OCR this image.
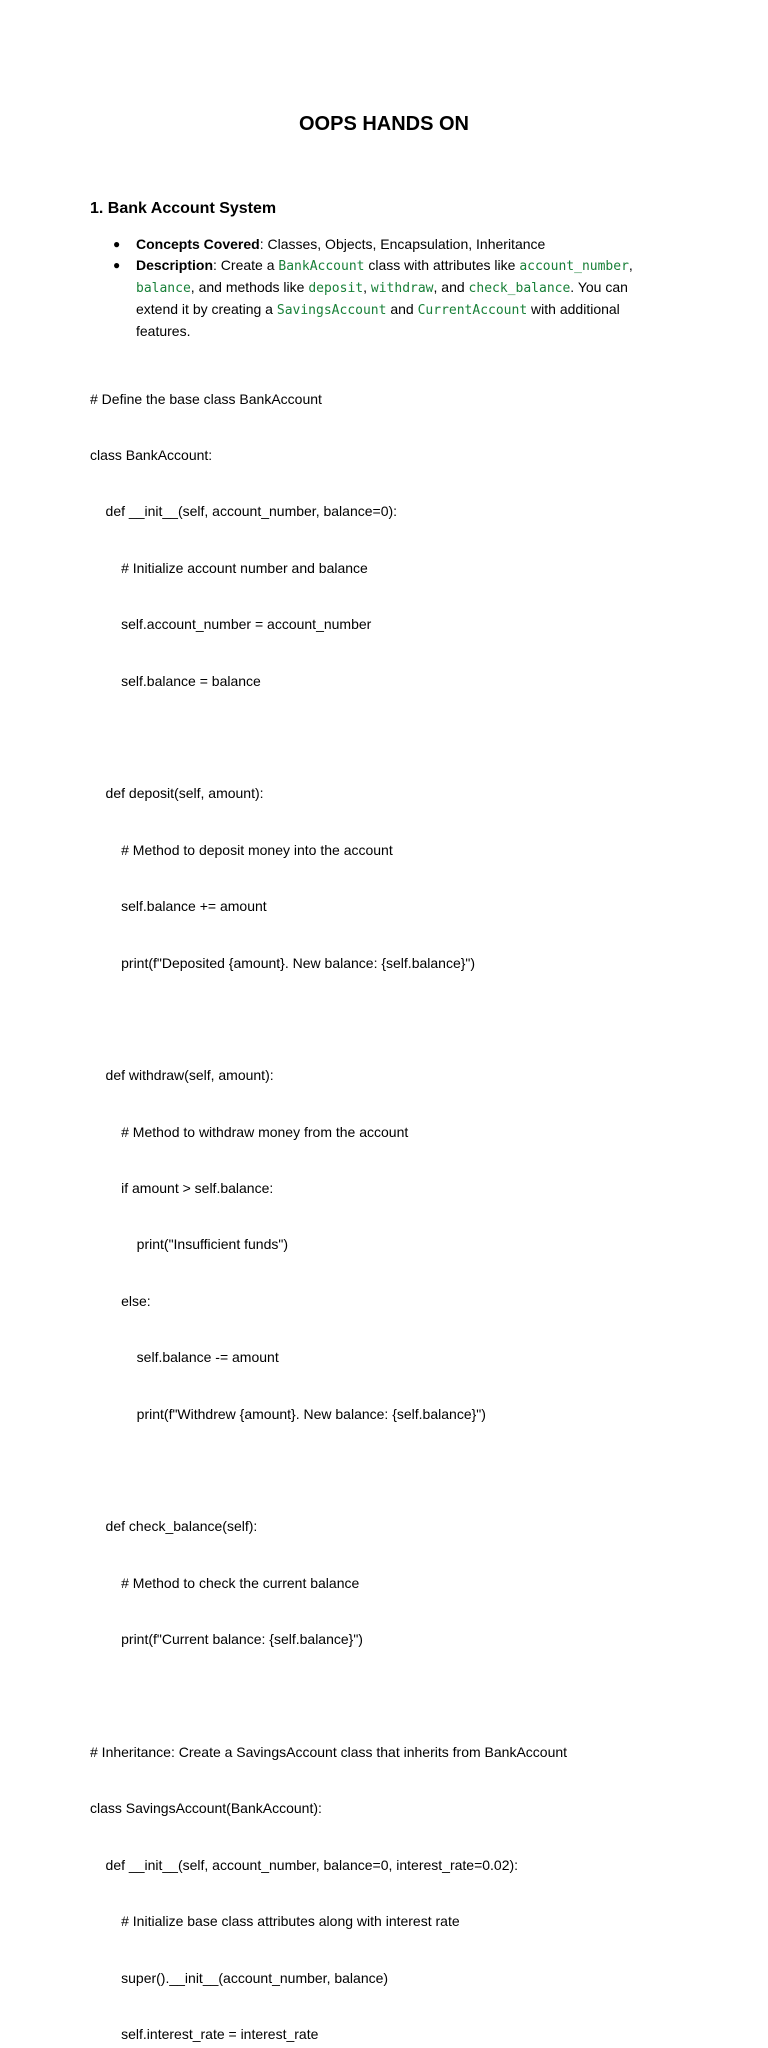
OOPS HANDS ON
1. Bank Account System
● Concepts Covered: Classes, Objects, Encapsulation, Inheritance
● Description: Create a BankAccount class with attributes like account_number, balance, and methods like deposit, withdraw, and check_balance. You can extend it by creating a SavingsAccount and CurrentAccount with additional features.

# Define the base class BankAccount

class BankAccount:

def __init__(self, account_number, balance=0):

# Initialize account number and balance

self.account_number = account_number

self.balance = balance

def deposit(self, amount):

# Method to deposit money into the account

self.balance += amount

print(f"Deposited {amount}. New balance: {self.balance}")

def withdraw(self, amount):

# Method to withdraw money from the account

if amount > self.balance:

print("Insufficient funds")

else:

self.balance -= amount

print(f"Withdrew {amount}. New balance: {self.balance}")

def check_balance(self):

# Method to check the current balance

print(f"Current balance: {self.balance}")

# Inheritance: Create a SavingsAccount class that inherits from BankAccount

class SavingsAccount(BankAccount):

def __init__(self, account_number, balance=0, interest_rate=0.02):

# Initialize base class attributes along with interest rate

super().__init__(account_number, balance)

self.interest_rate = interest_rate
